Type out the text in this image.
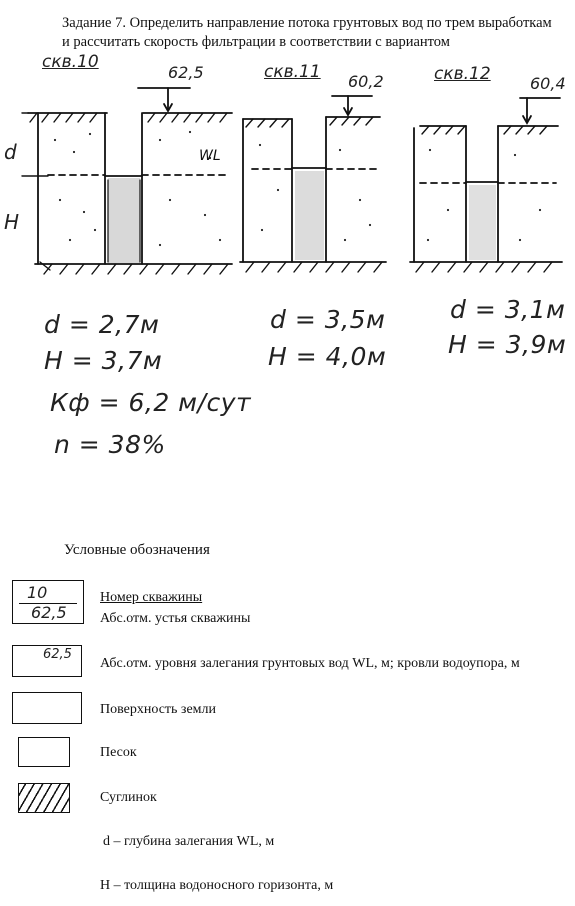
Задание 7. Определить направление потока грунтовых вод по трем выработкам и рассчитать скорость фильтрации в соответствии с вариантом
скв.10
62,5	скв.11 60,2	скв.12 60,4
d
H
WL
d = 2,7м
H = 3,7м
Кф = 6,2 м/сут
n = 38%
d = 3,5м
H = 4,0м
d = 3,1м
H = 3,9м
Условные обозначения
10
62,5
Номер скважины
Абс.отм. устья скважины
62,5
Абс.отм. уровня залегания грунтовых вод WL, м; кровли водоупора, м
Поверхность земли
Песок
Суглинок
d – глубина залегания WL, м
H – толщина водоносного горизонта, м
